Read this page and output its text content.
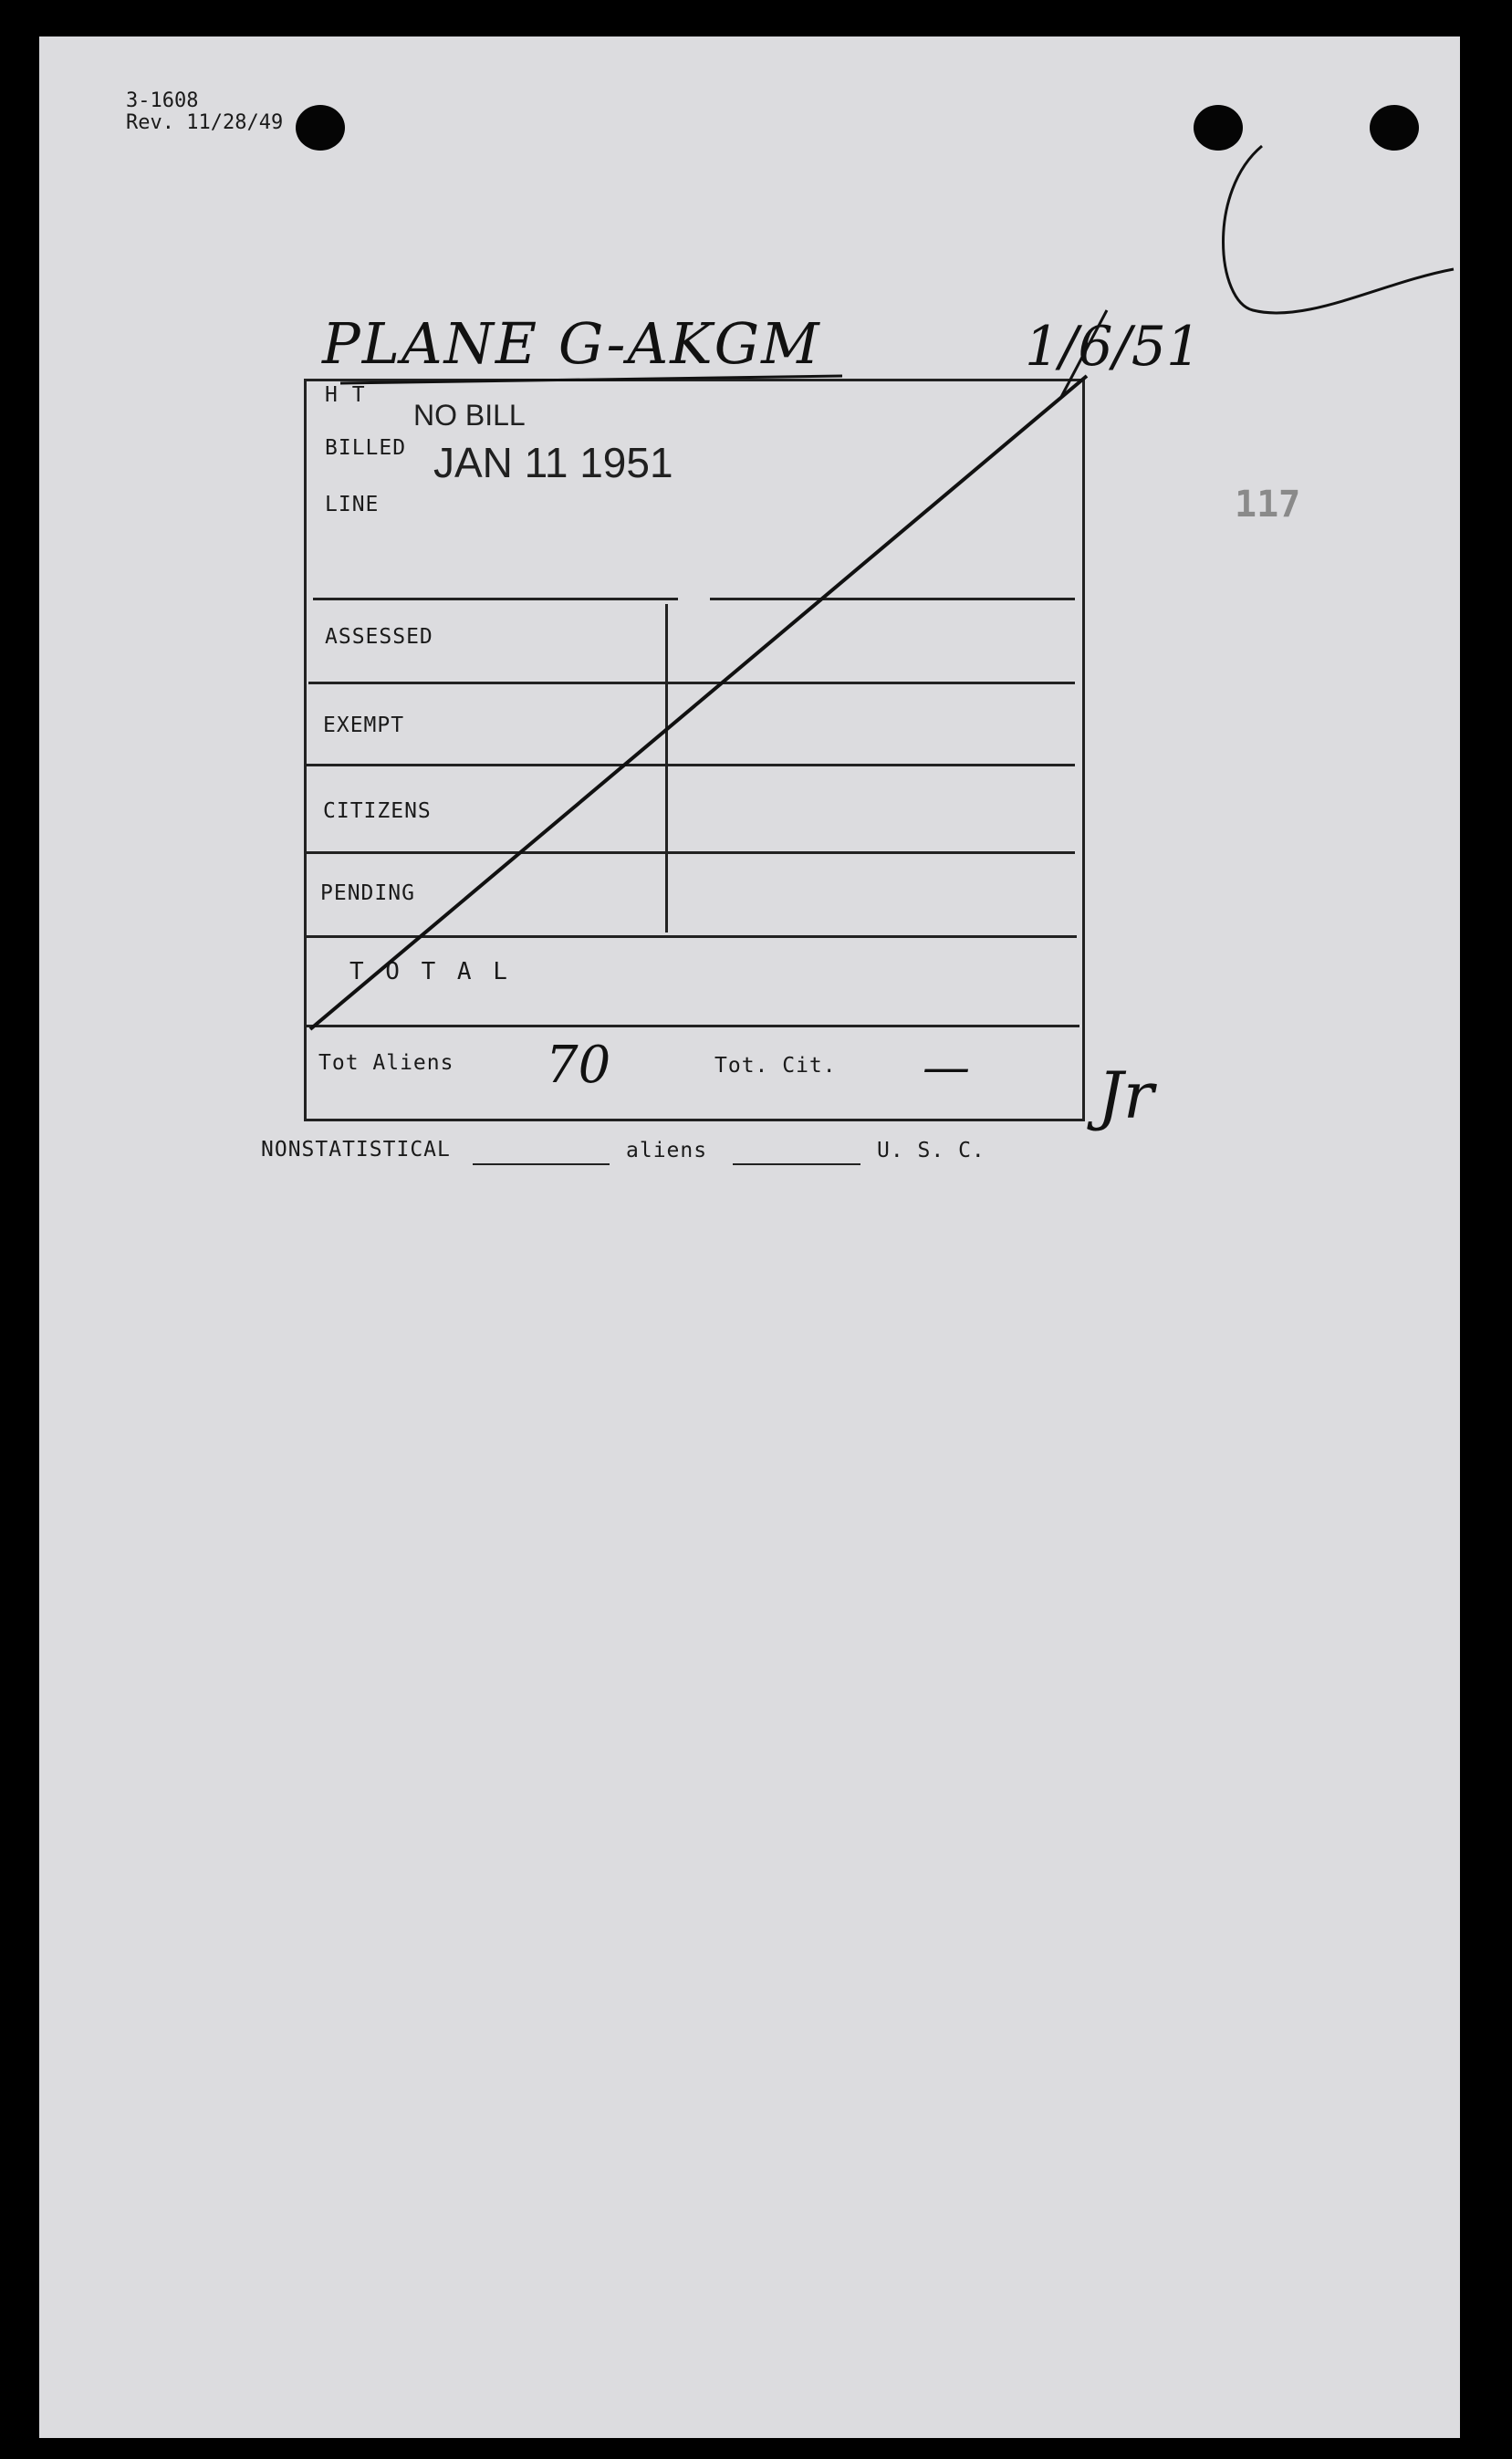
3-1608
Rev. 11/28/49
PLANE G-AKGM	1/6/51
117
H T
BILLED
LINE
ASSESSED
EXEMPT
CITIZENS
PENDING
T O T A L
NO BILL
JAN 11 1951
Tot Aliens 70	Tot. Cit. — Jr
NONSTATISTICAL	aliens	U. S. C.
